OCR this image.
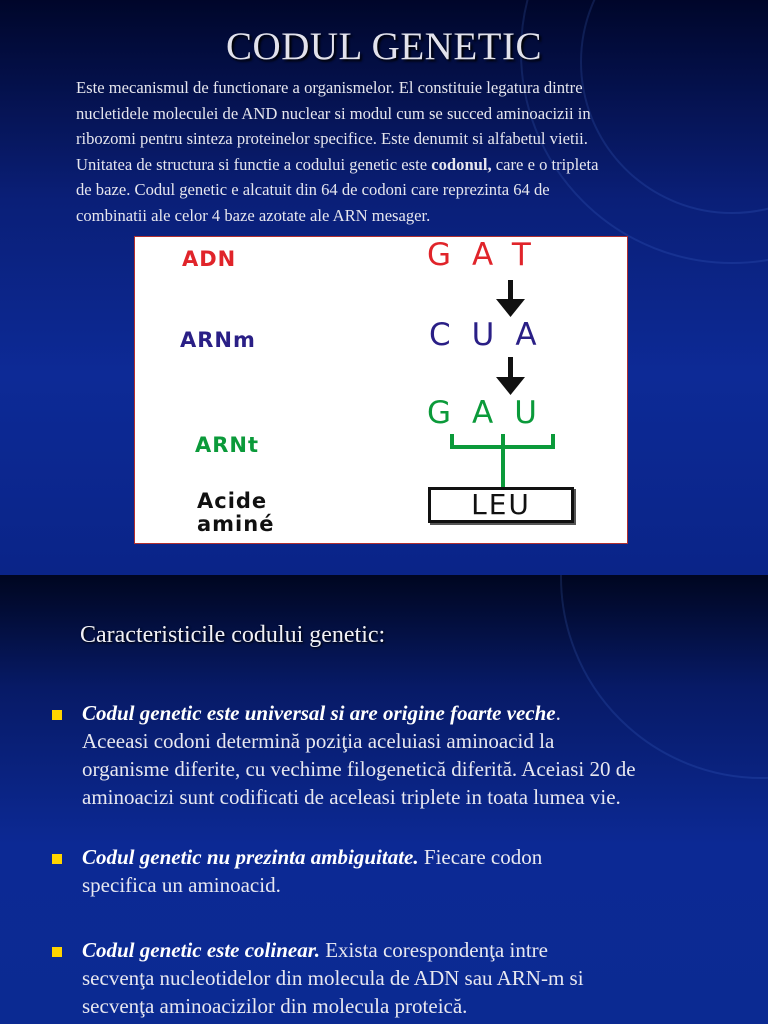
CODUL GENETIC
Este mecanismul de functionare a organismelor. El constituie legatura dintre
nucletidele moleculei de AND nuclear si modul cum se succed aminoacizii in
ribozomi pentru sinteza proteinelor specifice. Este denumit si alfabetul vietii.
Unitatea de structura si functie a codului genetic este codonul, care e o tripleta
de baze. Codul genetic e alcatuit din 64 de codoni care reprezinta 64 de
combinatii ale celor 4 baze azotate ale ARN mesager.
ADN
ARNm
ARNt
Acide
aminé
GAT
CUA
GAU
LEU
Caracteristicile codului genetic:
Codul genetic este universal si are origine foarte veche.
Aceeasi codoni determină poziţia aceluiasi aminoacid la
organisme diferite, cu vechime filogenetică diferită. Aceiasi 20 de
aminoacizi sunt codificati de aceleasi triplete in toata lumea vie.
Codul genetic nu prezinta ambiguitate. Fiecare codon
specifica un aminoacid.
Codul genetic este colinear. Exista corespondenţa intre
secvenţa nucleotidelor din molecula de ADN sau ARN-m si
secvenţa aminoacizilor din molecula proteică.
